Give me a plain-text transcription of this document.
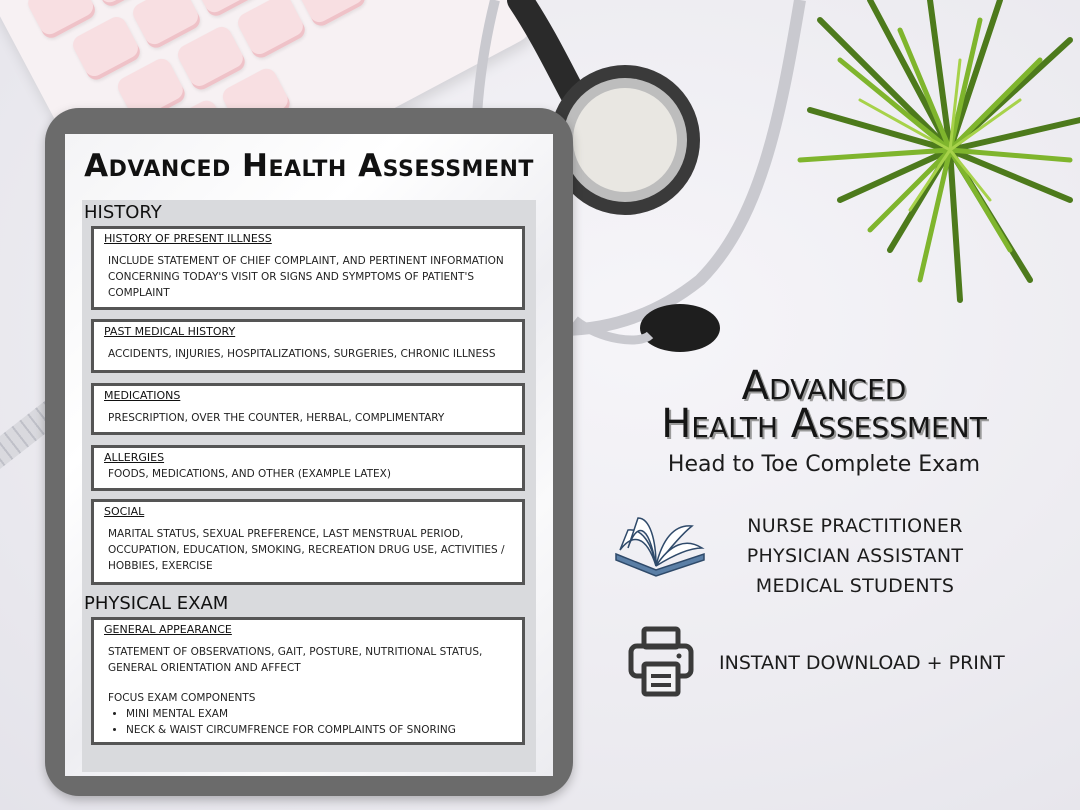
Advanced Health Assessment
HISTORY
HISTORY OF PRESENT ILLNESS
INCLUDE STATEMENT OF CHIEF COMPLAINT, AND PERTINENT INFORMATION CONCERNING TODAY'S VISIT OR SIGNS AND SYMPTOMS OF PATIENT'S COMPLAINT
PAST MEDICAL HISTORY
ACCIDENTS, INJURIES, HOSPITALIZATIONS, SURGERIES, CHRONIC ILLNESS
MEDICATIONS
PRESCRIPTION, OVER THE COUNTER, HERBAL, COMPLIMENTARY
ALLERGIES
FOODS, MEDICATIONS, AND OTHER (EXAMPLE LATEX)
SOCIAL
MARITAL STATUS, SEXUAL PREFERENCE, LAST MENSTRUAL PERIOD, OCCUPATION, EDUCATION, SMOKING, RECREATION DRUG USE, ACTIVITIES / HOBBIES, EXERCISE
PHYSICAL EXAM
GENERAL APPEARANCE
STATEMENT OF OBSERVATIONS, GAIT, POSTURE, NUTRITIONAL STATUS, GENERAL ORIENTATION AND AFFECT
FOCUS EXAM COMPONENTS
• MINI MENTAL EXAM
• NECK & WAIST CIRCUMFRENCE FOR COMPLAINTS OF SNORING
Advanced
Health Assessment
Head to Toe Complete Exam
NURSE PRACTITIONER
PHYSICIAN ASSISTANT
MEDICAL STUDENTS
INSTANT DOWNLOAD + PRINT
